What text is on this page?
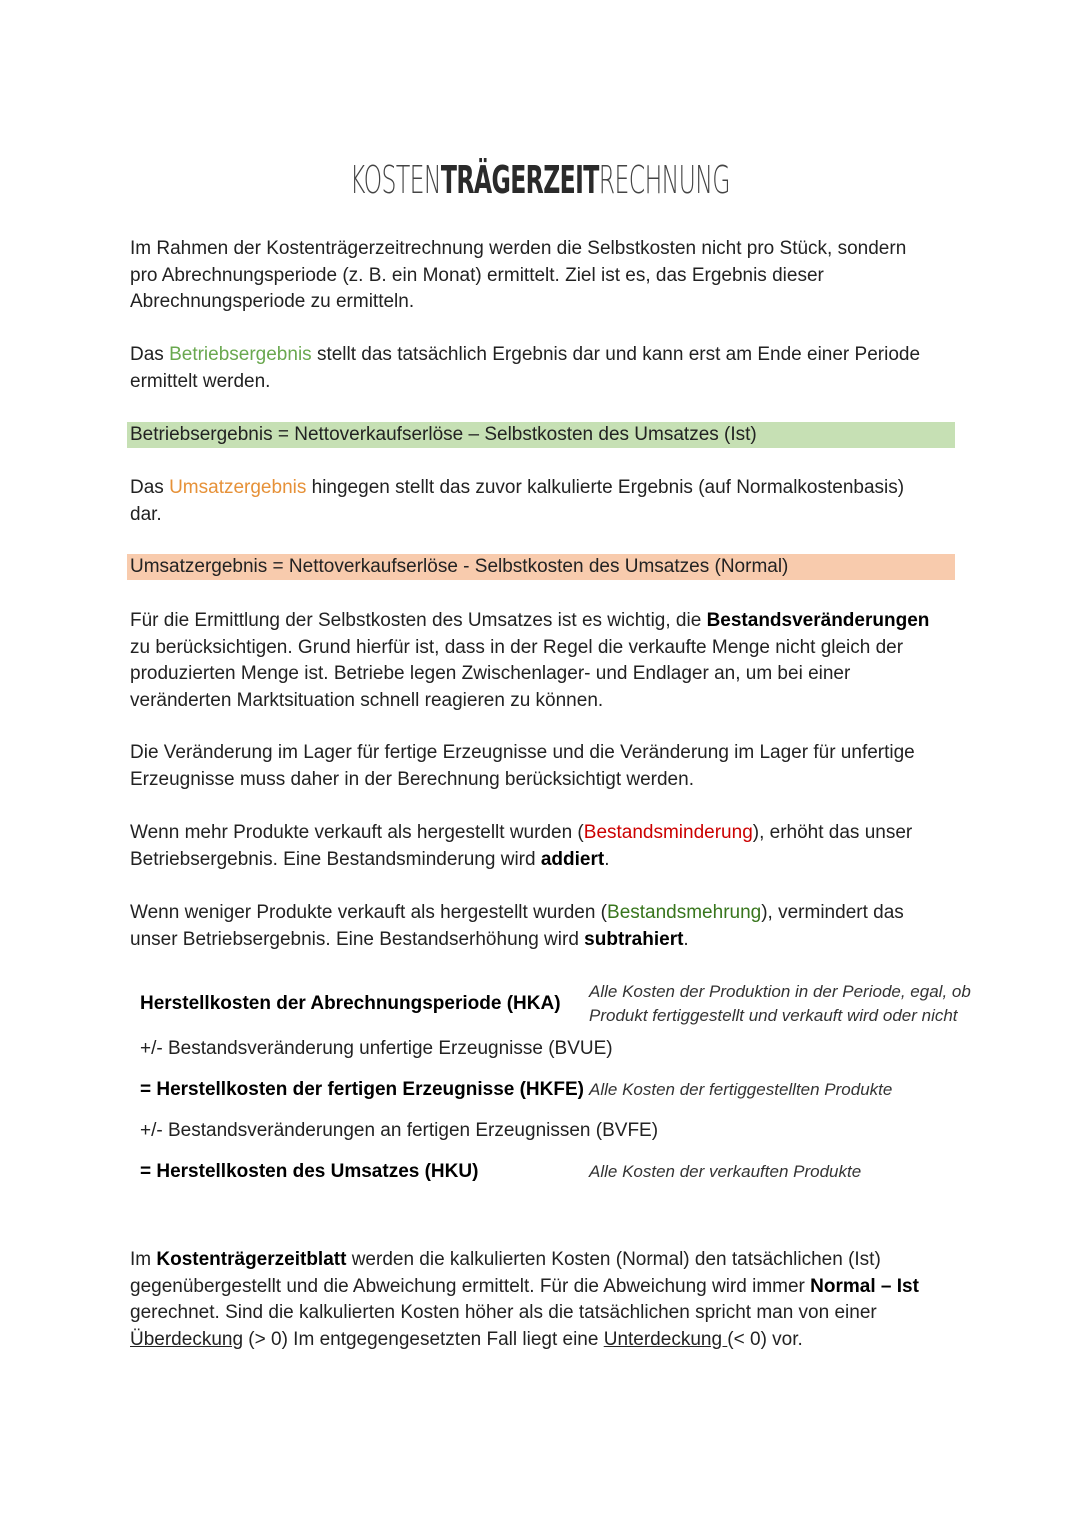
KOSTENTRÄGERZEITRECHNUNG
Im Rahmen der Kostenträgerzeitrechnung werden die Selbstkosten nicht pro Stück, sondern
pro Abrechnungsperiode (z. B. ein Monat) ermittelt. Ziel ist es, das Ergebnis dieser
Abrechnungsperiode zu ermitteln.
Das Betriebsergebnis stellt das tatsächlich Ergebnis dar und kann erst am Ende einer Periode
ermittelt werden.
Betriebsergebnis = Nettoverkaufserlöse – Selbstkosten des Umsatzes (Ist)
Das Umsatzergebnis hingegen stellt das zuvor kalkulierte Ergebnis (auf Normalkostenbasis)
dar.
Umsatzergebnis = Nettoverkaufserlöse - Selbstkosten des Umsatzes (Normal)
Für die Ermittlung der Selbstkosten des Umsatzes ist es wichtig, die Bestandsveränderungen
zu berücksichtigen. Grund hierfür ist, dass in der Regel die verkaufte Menge nicht gleich der
produzierten Menge ist. Betriebe legen Zwischenlager- und Endlager an, um bei einer
veränderten Marktsituation schnell reagieren zu können.
Die Veränderung im Lager für fertige Erzeugnisse und die Veränderung im Lager für unfertige
Erzeugnisse muss daher in der Berechnung berücksichtigt werden.
Wenn mehr Produkte verkauft als hergestellt wurden (Bestandsminderung), erhöht das unser
Betriebsergebnis. Eine Bestandsminderung wird addiert.
Wenn weniger Produkte verkauft als hergestellt wurden (Bestandsmehrung), vermindert das
unser Betriebsergebnis. Eine Bestandserhöhung wird subtrahiert.
Herstellkosten der Abrechnungsperiode (HKA)
Alle Kosten der Produktion in der Periode, egal, ob
Produkt fertiggestellt und verkauft wird oder nicht
+/- Bestandsveränderung unfertige Erzeugnisse (BVUE)
= Herstellkosten der fertigen Erzeugnisse (HKFE) Alle Kosten der fertiggestellten Produkte
+/- Bestandsveränderungen an fertigen Erzeugnissen (BVFE)
= Herstellkosten des Umsatzes (HKU)	Alle Kosten der verkauften Produkte
Im Kostenträgerzeitblatt werden die kalkulierten Kosten (Normal) den tatsächlichen (Ist)
gegenübergestellt und die Abweichung ermittelt. Für die Abweichung wird immer Normal – Ist
gerechnet. Sind die kalkulierten Kosten höher als die tatsächlichen spricht man von einer
Überdeckung (> 0) Im entgegengesetzten Fall liegt eine Unterdeckung (< 0) vor.
